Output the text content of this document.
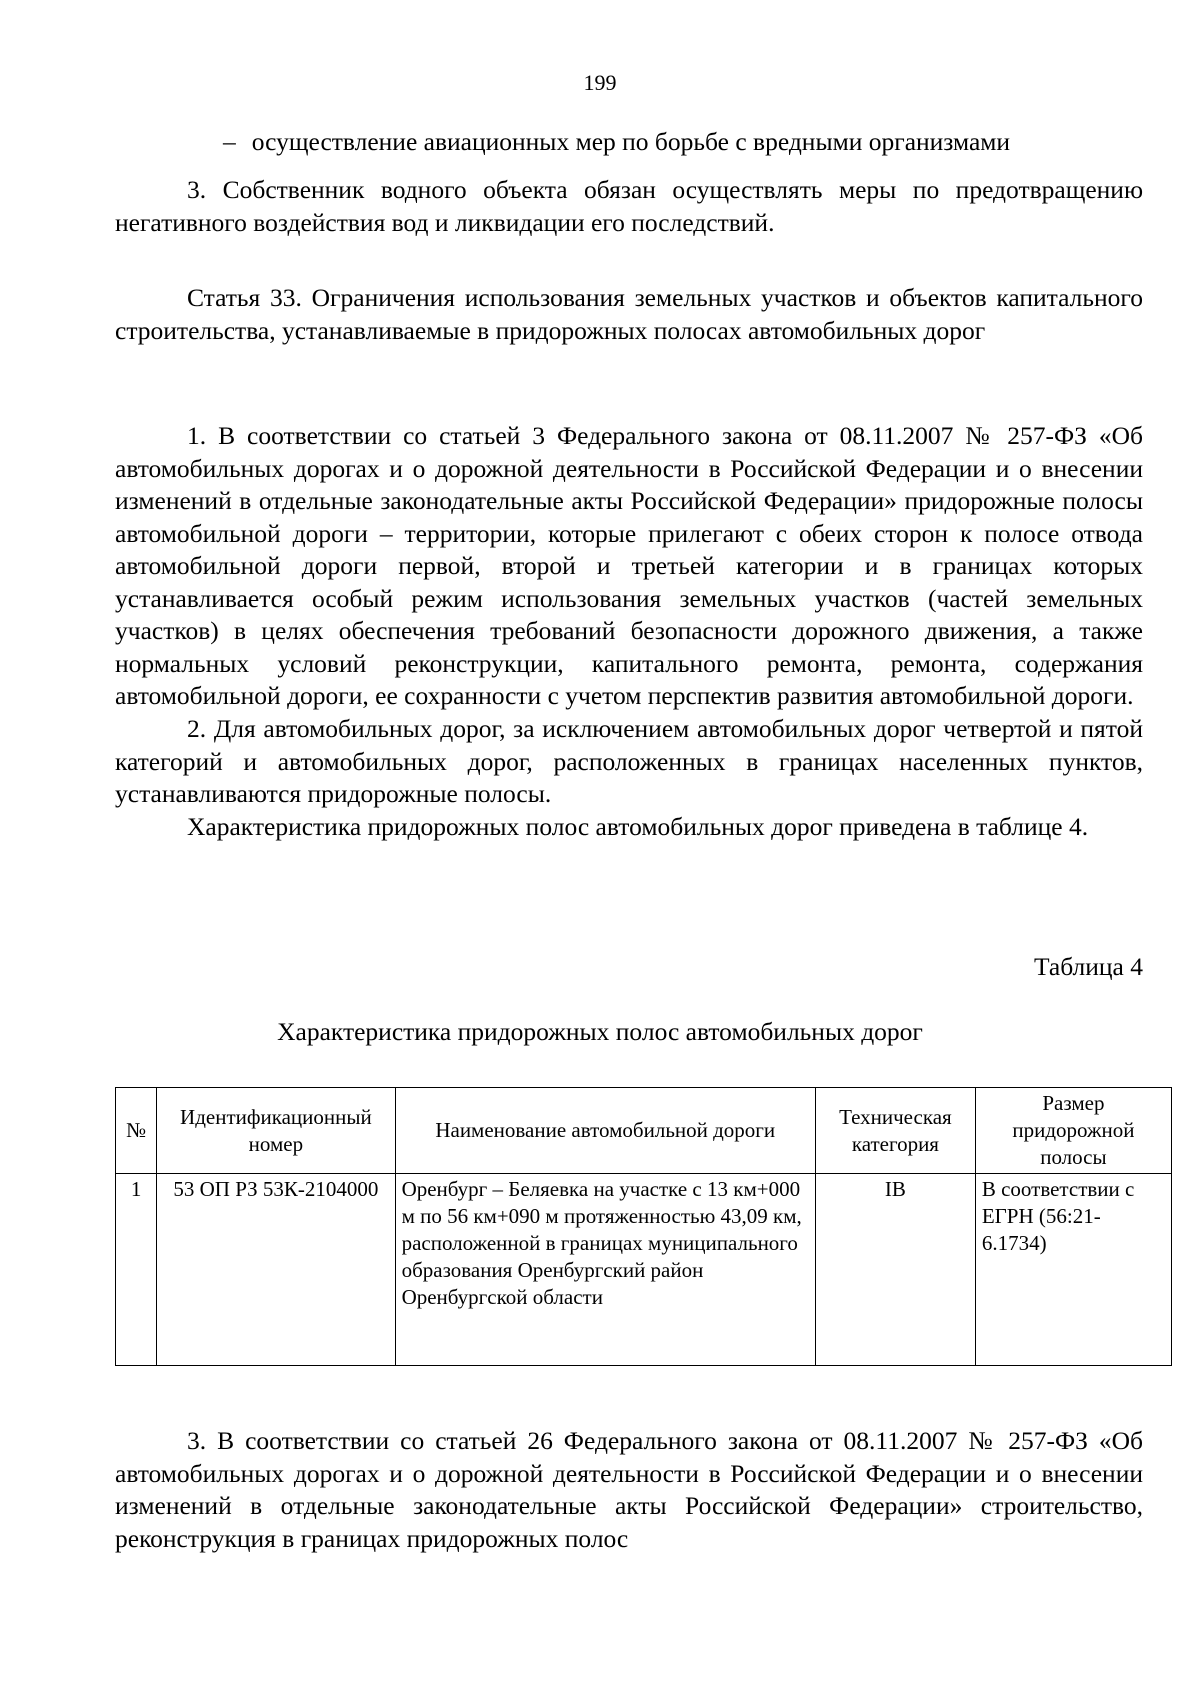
199
– осуществление авиационных мер по борьбе с вредными организмами

3. Собственник водного объекта обязан осуществлять меры по предотвращению негативного воздействия вод и ликвидации его последствий.

Статья 33. Ограничения использования земельных участков и объектов капитального строительства, устанавливаемые в придорожных полосах автомобильных дорог

1. В соответствии со статьей 3 Федерального закона от 08.11.2007 № 257-ФЗ «Об автомобильных дорогах и о дорожной деятельности в Российской Федерации и о внесении изменений в отдельные законодательные акты Российской Федерации» придорожные полосы автомобильной дороги – территории, которые прилегают с обеих сторон к полосе отвода автомобильной дороги первой, второй и третьей категории и в границах которых устанавливается особый режим использования земельных участков (частей земельных участков) в целях обеспечения требований безопасности дорожного движения, а также нормальных условий реконструкции, капитального ремонта, ремонта, содержания автомобильной дороги, ее сохранности с учетом перспектив развития автомобильной дороги.

2. Для автомобильных дорог, за исключением автомобильных дорог четвертой и пятой категорий и автомобильных дорог, расположенных в границах населенных пунктов, устанавливаются придорожные полосы.

Характеристика придорожных полос автомобильных дорог приведена в таблице 4.

Таблица 4
Характеристика придорожных полос автомобильных дорог
№	Идентификационный номер	Наименование автомобильной дороги	Техническая категория	Размер придорожной полосы
1	53 ОП РЗ 53К-2104000	Оренбург – Беляевка на участке с 13 км+000 м по 56 км+090 м протяженностью 43,09 км, расположенной в границах муниципального образования Оренбургский район Оренбургской области	IB	В соответствии с ЕГРН (56:21-6.1734)

3. В соответствии со статьей 26 Федерального закона от 08.11.2007 № 257-ФЗ «Об автомобильных дорогах и о дорожной деятельности в Российской Федерации и о внесении изменений в отдельные законодательные акты Российской Федерации» строительство, реконструкция в границах придорожных полос
